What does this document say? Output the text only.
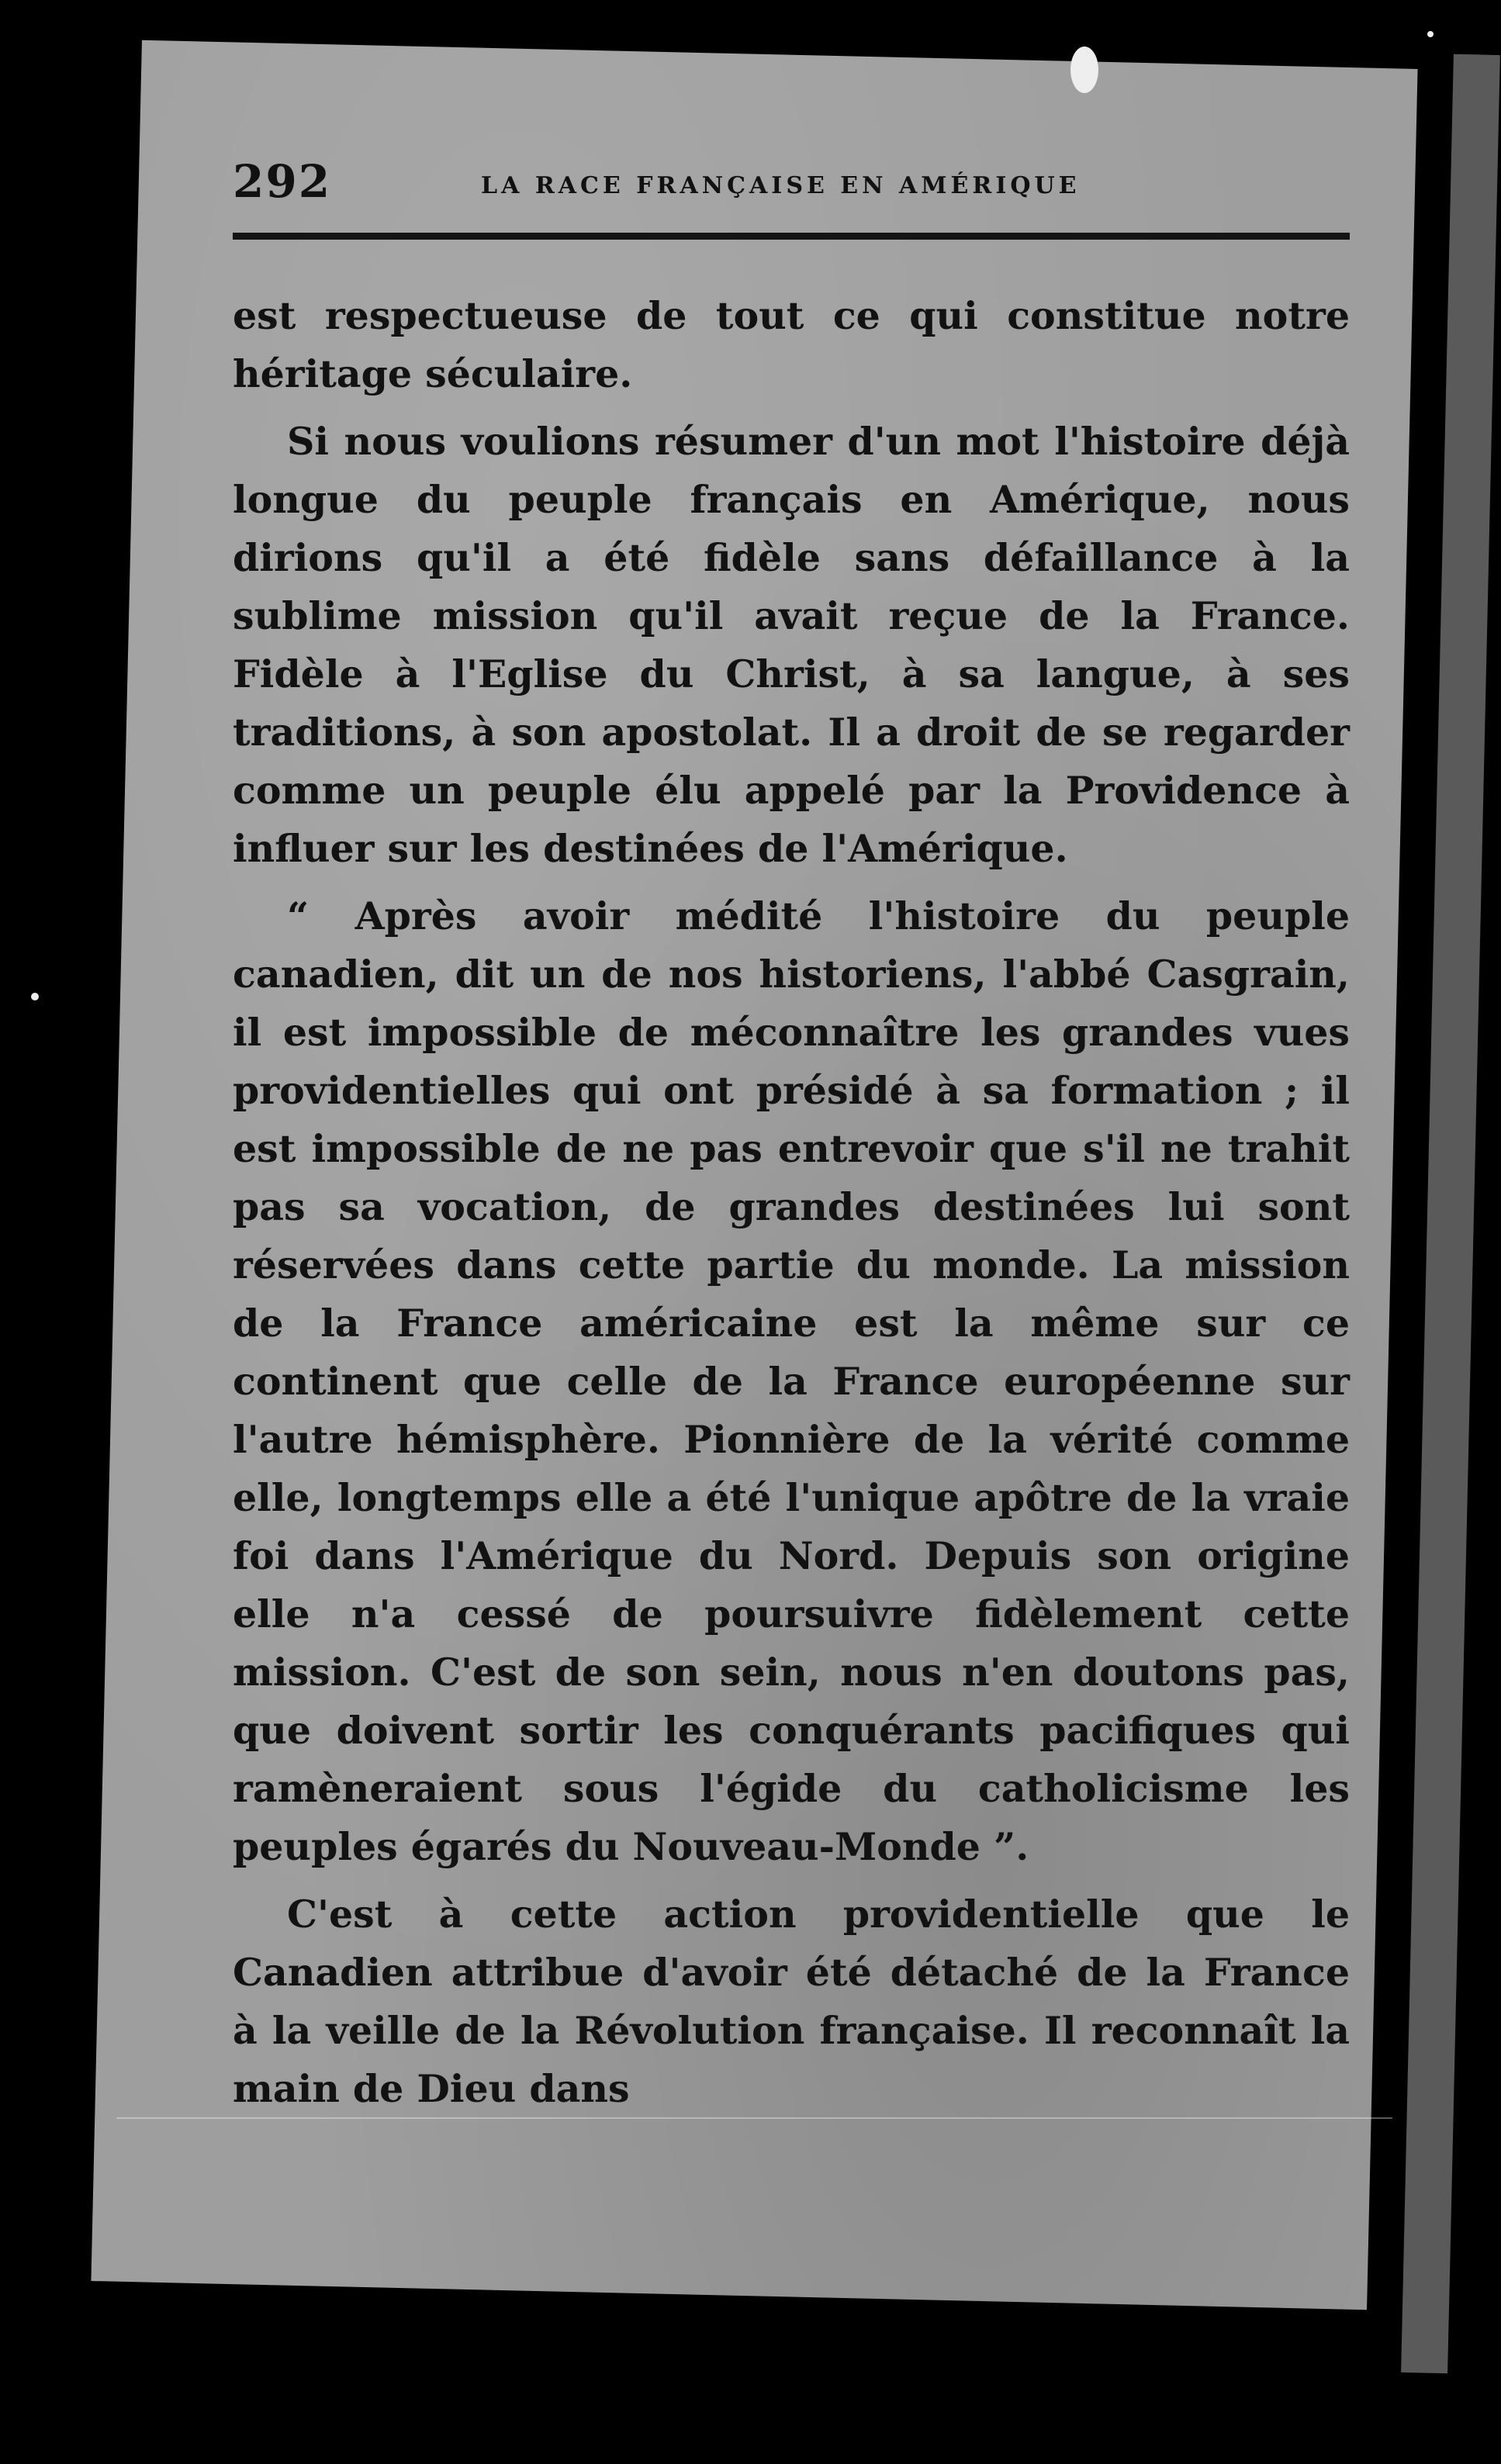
292	LA RACE FRANÇAISE EN AMÉRIQUE

est respectueuse de tout ce qui constitue notre héritage séculaire.

Si nous voulions résumer d'un mot l'histoire déjà longue du peuple français en Amérique, nous dirions qu'il a été fidèle sans défaillance à la sublime mission qu'il avait reçue de la France. Fidèle à l'Eglise du Christ, à sa langue, à ses traditions, à son apostolat. Il a droit de se regarder comme un peuple élu appelé par la Providence à influer sur les destinées de l'Amérique.

“ Après avoir médité l'histoire du peuple canadien, dit un de nos historiens, l'abbé Casgrain, il est impossible de méconnaître les grandes vues providentielles qui ont présidé à sa formation ; il est impossible de ne pas entrevoir que s'il ne trahit pas sa vocation, de grandes destinées lui sont réservées dans cette partie du monde. La mission de la France américaine est la même sur ce continent que celle de la France européenne sur l'autre hémisphère. Pionnière de la vérité comme elle, longtemps elle a été l'unique apôtre de la vraie foi dans l'Amérique du Nord. Depuis son origine elle n'a cessé de poursuivre fidèlement cette mission. C'est de son sein, nous n'en doutons pas, que doivent sortir les conquérants pacifiques qui ramèneraient sous l'égide du catholicisme les peuples égarés du Nouveau-Monde ”.

C'est à cette action providentielle que le Canadien attribue d'avoir été détaché de la France à la veille de la Révolution française. Il reconnaît la main de Dieu dans
